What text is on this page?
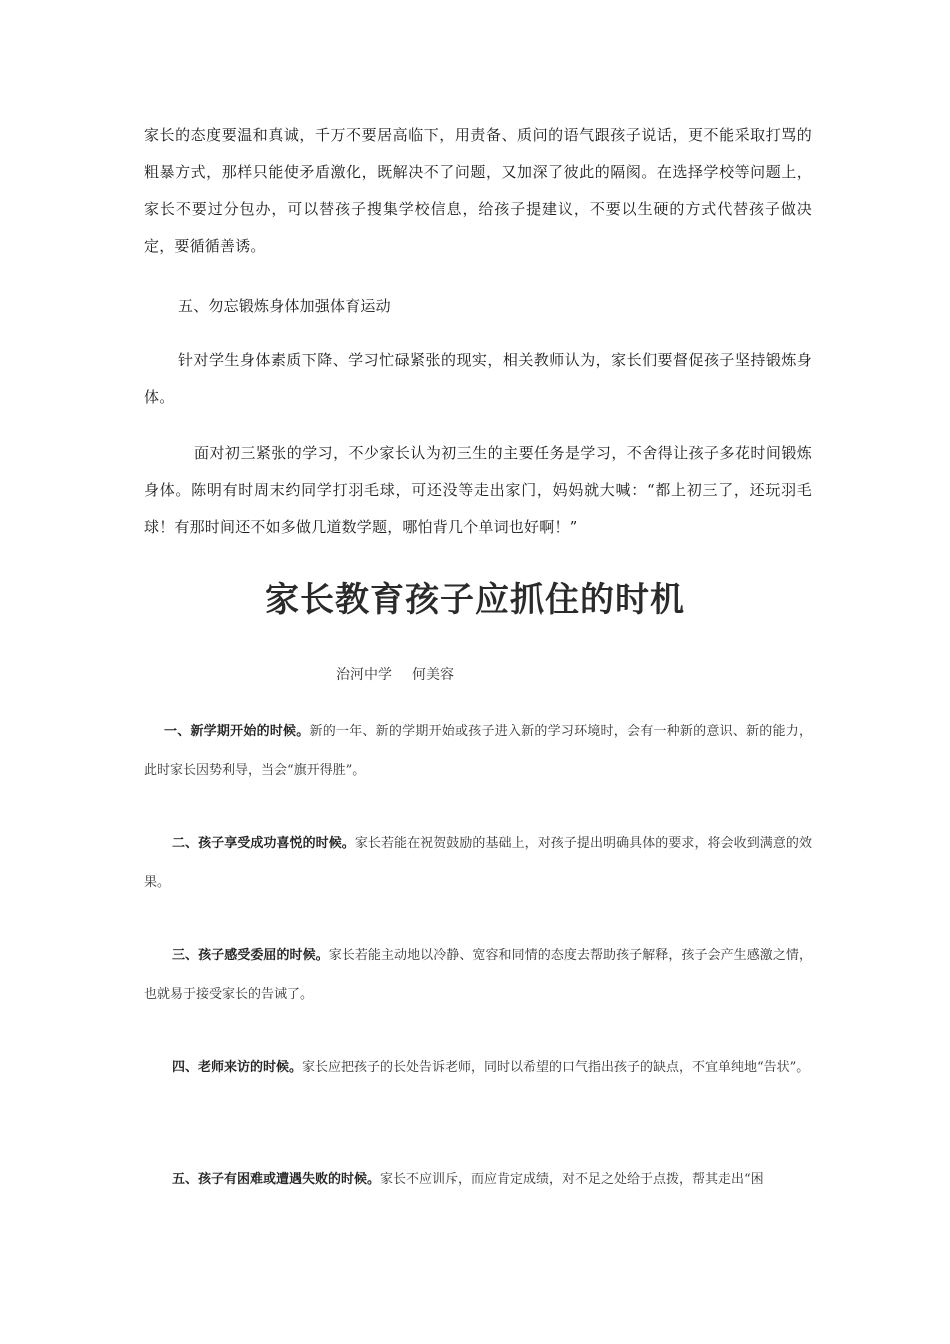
家长的态度要温和真诚，千万不要居高临下，用责备、质问的语气跟孩子说话，更不能采取打骂的粗暴方式，那样只能使矛盾激化，既解决不了问题，又加深了彼此的隔阂。在选择学校等问题上，家长不要过分包办，可以替孩子搜集学校信息，给孩子提建议，不要以生硬的方式代替孩子做决定，要循循善诱。

五、勿忘锻炼身体加强体育运动

针对学生身体素质下降、学习忙碌紧张的现实，相关教师认为，家长们要督促孩子坚持锻炼身体。

面对初三紧张的学习，不少家长认为初三生的主要任务是学习，不舍得让孩子多花时间锻炼身体。陈明有时周末约同学打羽毛球，可还没等走出家门，妈妈就大喊：“都上初三了，还玩羽毛球！有那时间还不如多做几道数学题，哪怕背几个单词也好啊！”

家长教育孩子应抓住的时机
治河中学 何美容

一、新学期开始的时候。新的一年、新的学期开始或孩子进入新的学习环境时，会有一种新的意识、新的能力，此时家长因势利导，当会“旗开得胜”。

二、孩子享受成功喜悦的时候。家长若能在祝贺鼓励的基础上，对孩子提出明确具体的要求，将会收到满意的效果。

三、孩子感受委屈的时候。家长若能主动地以冷静、宽容和同情的态度去帮助孩子解释，孩子会产生感激之情，也就易于接受家长的告诫了。

四、老师来访的时候。家长应把孩子的长处告诉老师，同时以希望的口气指出孩子的缺点，不宜单纯地“告状”。

五、孩子有困难或遭遇失败的时候。家长不应训斥，而应肯定成绩，对不足之处给于点拨，帮其走出“困
